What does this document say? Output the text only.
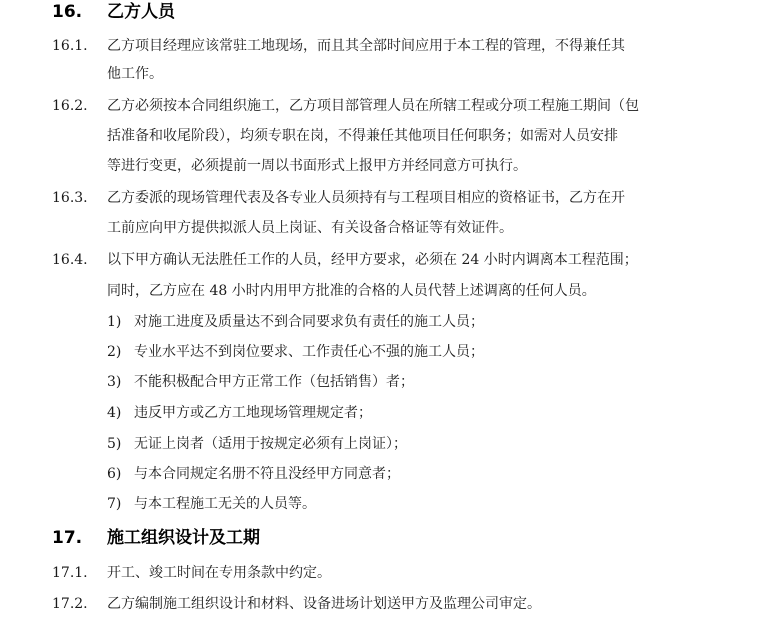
16. 乙方人员
16.1. 乙方项目经理应该常驻工地现场，而且其全部时间应用于本工程的管理，不得兼任其
他工作。
16.2. 乙方必须按本合同组织施工，乙方项目部管理人员在所辖工程或分项工程施工期间（包
括准备和收尾阶段），均须专职在岗，不得兼任其他项目任何职务；如需对人员安排
等进行变更，必须提前一周以书面形式上报甲方并经同意方可执行。
16.3. 乙方委派的现场管理代表及各专业人员须持有与工程项目相应的资格证书，乙方在开
工前应向甲方提供拟派人员上岗证、有关设备合格证等有效证件。
16.4. 以下甲方确认无法胜任工作的人员，经甲方要求，必须在 24 小时内调离本工程范围；
同时，乙方应在 48 小时内用甲方批准的合格的人员代替上述调离的任何人员。
1) 对施工进度及质量达不到合同要求负有责任的施工人员；
2) 专业水平达不到岗位要求、工作责任心不强的施工人员；
3) 不能积极配合甲方正常工作（包括销售）者；
4) 违反甲方或乙方工地现场管理规定者；
5) 无证上岗者（适用于按规定必须有上岗证）；
6) 与本合同规定名册不符且没经甲方同意者；
7) 与本工程施工无关的人员等。
17. 施工组织设计及工期
17.1. 开工、竣工时间在专用条款中约定。
17.2. 乙方编制施工组织设计和材料、设备进场计划送甲方及监理公司审定。
